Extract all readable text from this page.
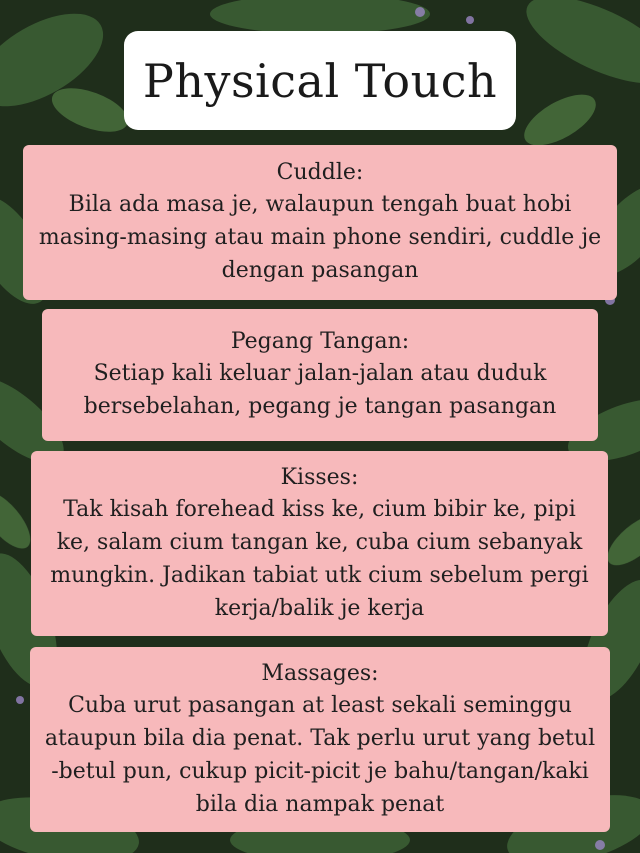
Physical Touch
Cuddle:
Bila ada masa je, walaupun tengah buat hobi masing-masing atau main phone sendiri, cuddle je dengan pasangan
Pegang Tangan:
Setiap kali keluar jalan-jalan atau duduk bersebelahan, pegang je tangan pasangan
Kisses:
Tak kisah forehead kiss ke, cium bibir ke, pipi ke, salam cium tangan ke, cuba cium sebanyak mungkin. Jadikan tabiat utk cium sebelum pergi kerja/balik je kerja
Massages:
Cuba urut pasangan at least sekali seminggu ataupun bila dia penat. Tak perlu urut yang betul -betul pun, cukup picit-picit je bahu/tangan/kaki bila dia nampak penat
